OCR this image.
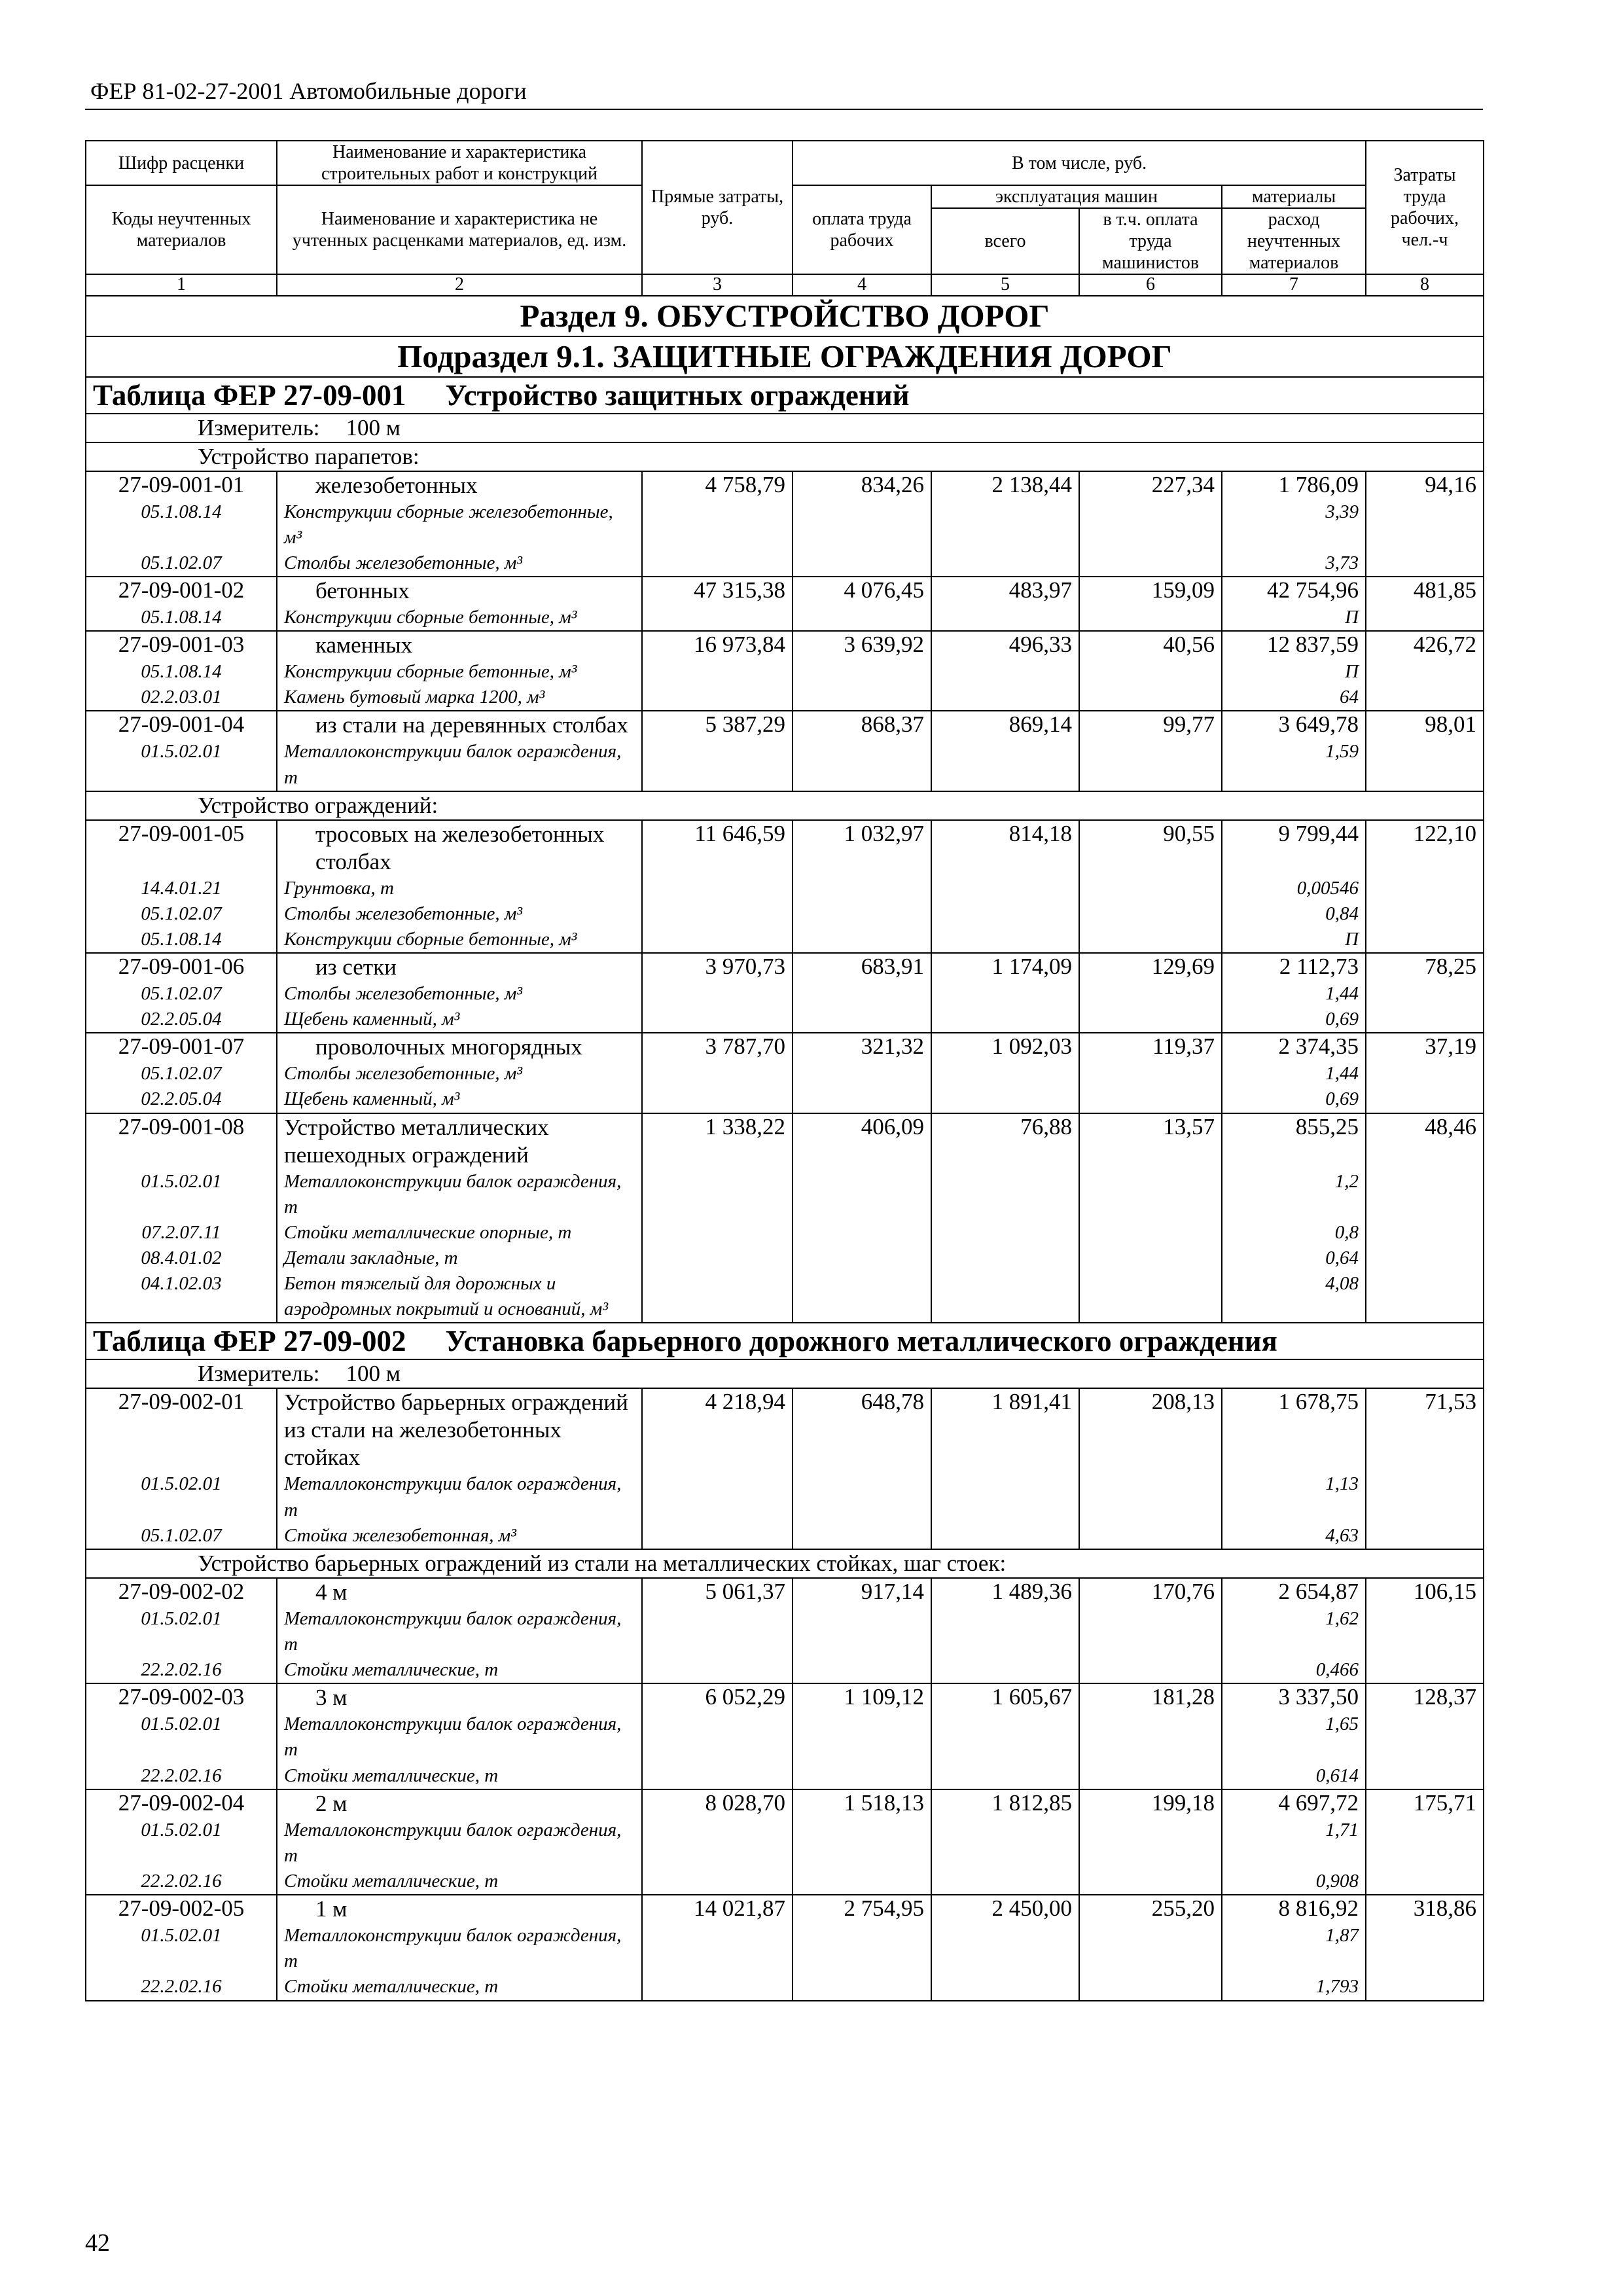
ФЕР 81-02-27-2001 Автомобильные дороги
Шифр расценки	Наименование и характеристика строительных работ и конструкций	Прямые затраты, руб.	В том числе, руб.				Затраты труда рабочих, чел.-ч
Коды неучтенных материалов	Наименование и характеристика не учтенных расценками материалов, ед. изм.		оплата труда рабочих	эксплуатация машин		материалы	
				всего	в т.ч. оплата труда машинистов	расход неучтенных материалов	
1	2	3	4	5	6	7	8
Раздел 9. ОБУСТРОЙСТВО ДОРОГ							
Подраздел 9.1. ЗАЩИТНЫЕ ОГРАЖДЕНИЯ ДОРОГ							
Таблица ФЕР 27-09-001 Устройство защитных ограждений							
Измеритель: 100 м							
Устройство парапетов:							
27-09-001-01	железобетонных	4 758,79	834,26	2 138,44	227,34	1 786,09	94,16
05.1.08.14	Конструкции сборные железобетонные, м³					3,39	
05.1.02.07	Столбы железобетонные, м³					3,73	
27-09-001-02	бетонных	47 315,38	4 076,45	483,97	159,09	42 754,96	481,85
05.1.08.14	Конструкции сборные бетонные, м³					П	
27-09-001-03	каменных	16 973,84	3 639,92	496,33	40,56	12 837,59	426,72
05.1.08.14	Конструкции сборные бетонные, м³					П	
02.2.03.01	Камень бутовый марка 1200, м³					64	
27-09-001-04	из стали на деревянных столбах	5 387,29	868,37	869,14	99,77	3 649,78	98,01
01.5.02.01	Металлоконструкции балок ограждения, т					1,59	
Устройство ограждений:							
27-09-001-05	тросовых на железобетонных столбах	11 646,59	1 032,97	814,18	90,55	9 799,44	122,10
14.4.01.21	Грунтовка, т					0,00546	
05.1.02.07	Столбы железобетонные, м³					0,84	
05.1.08.14	Конструкции сборные бетонные, м³					П	
27-09-001-06	из сетки	3 970,73	683,91	1 174,09	129,69	2 112,73	78,25
05.1.02.07	Столбы железобетонные, м³					1,44	
02.2.05.04	Щебень каменный, м³					0,69	
27-09-001-07	проволочных многорядных	3 787,70	321,32	1 092,03	119,37	2 374,35	37,19
05.1.02.07	Столбы железобетонные, м³					1,44	
02.2.05.04	Щебень каменный, м³					0,69	
27-09-001-08	Устройство металлических пешеходных ограждений	1 338,22	406,09	76,88	13,57	855,25	48,46
01.5.02.01	Металлоконструкции балок ограждения, т					1,2	
07.2.07.11	Стойки металлические опорные, т					0,8	
08.4.01.02	Детали закладные, т					0,64	
04.1.02.03	Бетон тяжелый для дорожных и аэродромных покрытий и оснований, м³					4,08	
Таблица ФЕР 27-09-002 Установка барьерного дорожного металлического ограждения							
Измеритель: 100 м							
27-09-002-01	Устройство барьерных ограждений из стали на железобетонных стойках	4 218,94	648,78	1 891,41	208,13	1 678,75	71,53
01.5.02.01	Металлоконструкции балок ограждения, т					1,13	
05.1.02.07	Стойка железобетонная, м³					4,63	
Устройство барьерных ограждений из стали на металлических стойках, шаг стоек:							
27-09-002-02	4 м	5 061,37	917,14	1 489,36	170,76	2 654,87	106,15
01.5.02.01	Металлоконструкции балок ограждения, т					1,62	
22.2.02.16	Стойки металлические, т					0,466	
27-09-002-03	3 м	6 052,29	1 109,12	1 605,67	181,28	3 337,50	128,37
01.5.02.01	Металлоконструкции балок ограждения, т					1,65	
22.2.02.16	Стойки металлические, т					0,614	
27-09-002-04	2 м	8 028,70	1 518,13	1 812,85	199,18	4 697,72	175,71
01.5.02.01	Металлоконструкции балок ограждения, т					1,71	
22.2.02.16	Стойки металлические, т					0,908	
27-09-002-05	1 м	14 021,87	2 754,95	2 450,00	255,20	8 816,92	318,86
01.5.02.01	Металлоконструкции балок ограждения, т					1,87	
22.2.02.16	Стойки металлические, т					1,793	
42
